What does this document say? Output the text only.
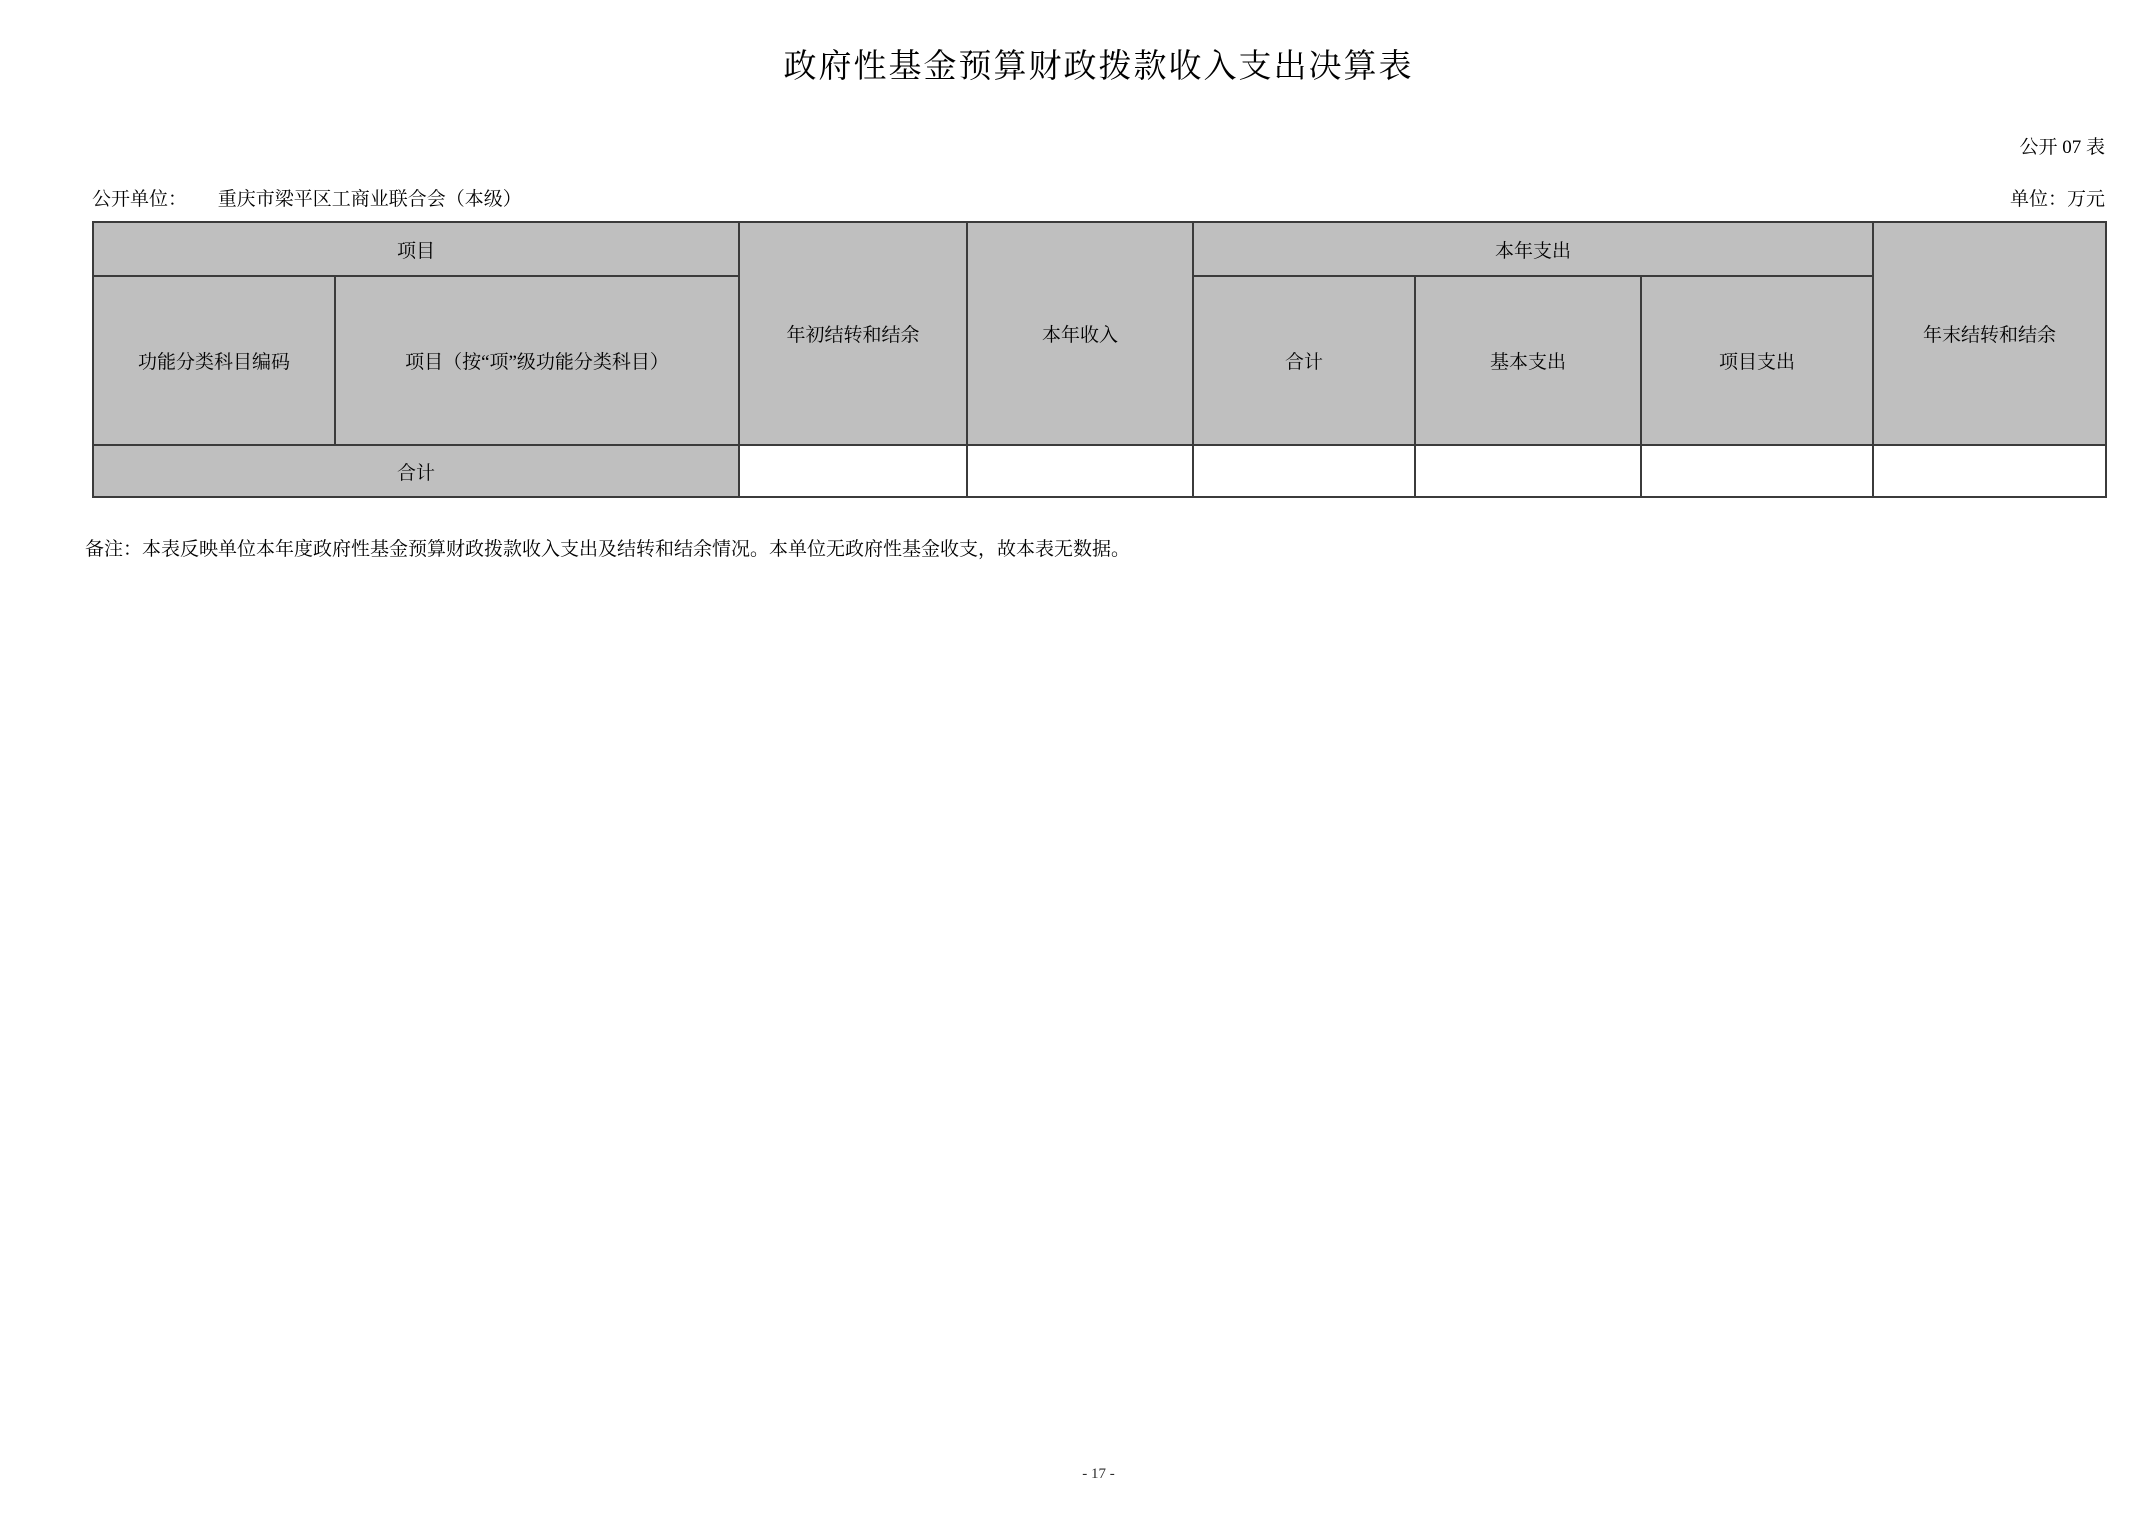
政府性基金预算财政拨款收入支出决算表
公开 07 表
公开单位： 重庆市梁平区工商业联合会（本级）	单位：万元
项目		年初结转和结余	本年收入	本年支出			年末结转和结余
功能分类科目编码	项目（按“项”级功能分类科目）			合计	基本支出	项目支出	
合计							
备注：本表反映单位本年度政府性基金预算财政拨款收入支出及结转和结余情况。本单位无政府性基金收支，故本表无数据。
- 17 -
